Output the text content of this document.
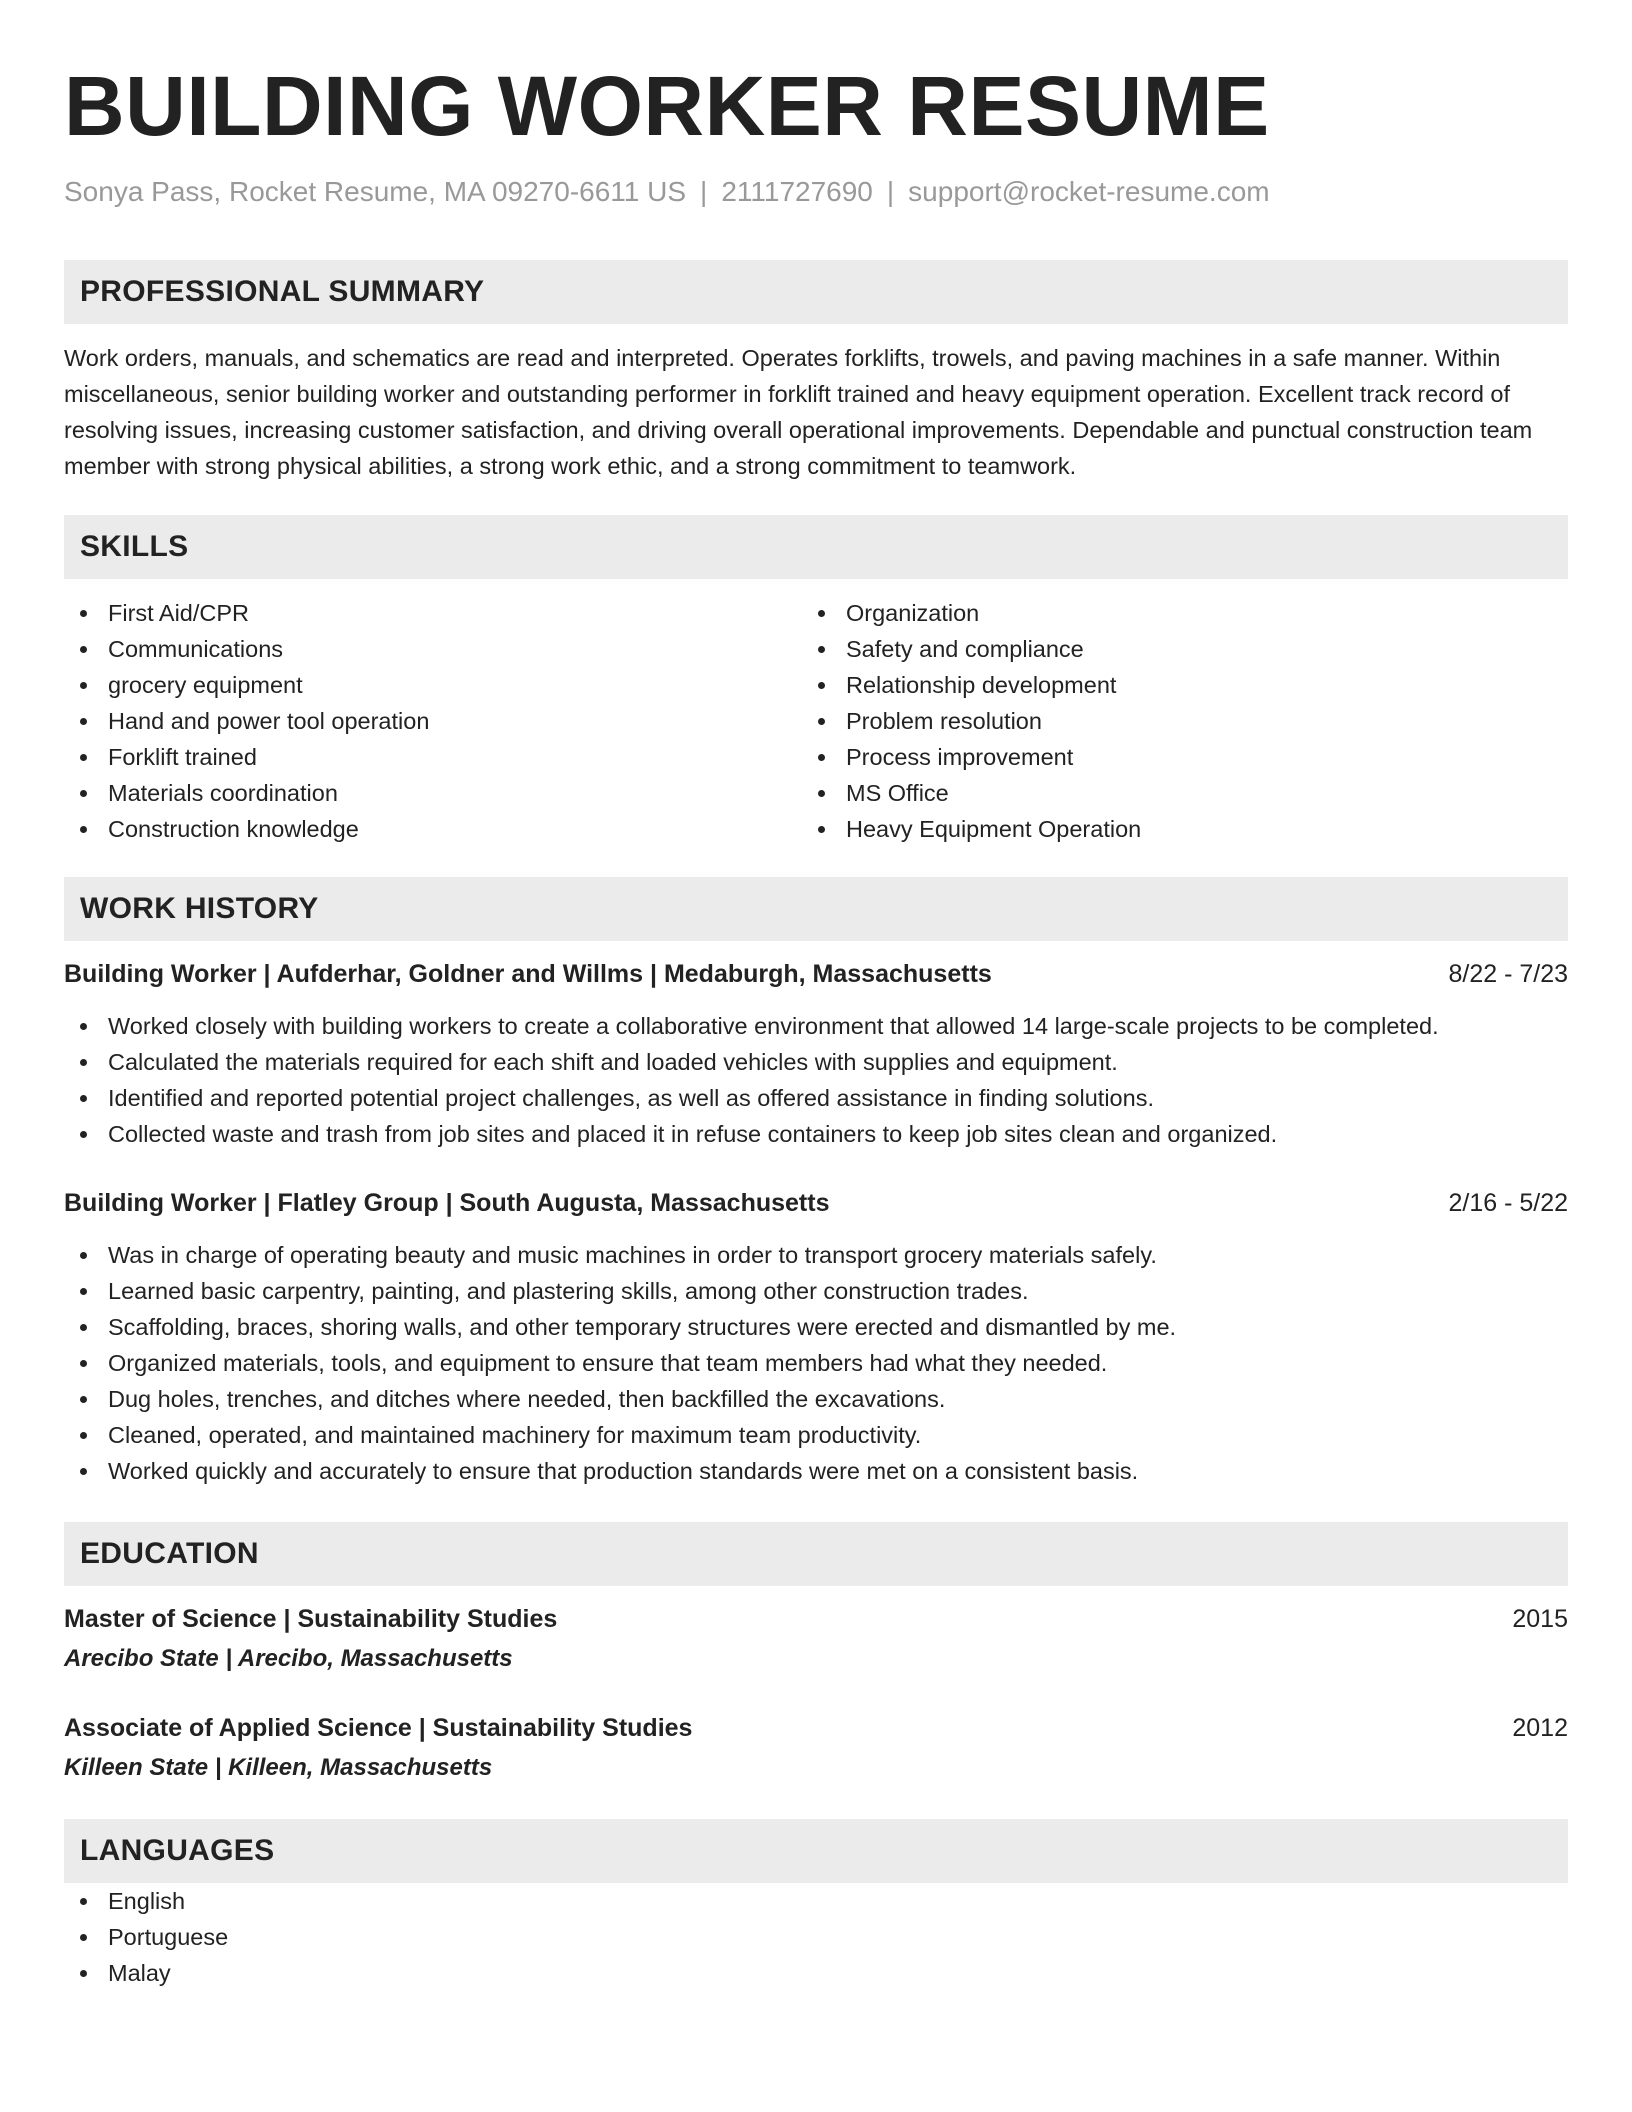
BUILDING WORKER RESUME
Sonya Pass, Rocket Resume, MA 09270-6611 US | 2111727690 | support@rocket-resume.com
PROFESSIONAL SUMMARY
Work orders, manuals, and schematics are read and interpreted. Operates forklifts, trowels, and paving machines in a safe manner. Within miscellaneous, senior building worker and outstanding performer in forklift trained and heavy equipment operation. Excellent track record of resolving issues, increasing customer satisfaction, and driving overall operational improvements. Dependable and punctual construction team member with strong physical abilities, a strong work ethic, and a strong commitment to teamwork.
SKILLS
First Aid/CPR
Communications
grocery equipment
Hand and power tool operation
Forklift trained
Materials coordination
Construction knowledge
Organization
Safety and compliance
Relationship development
Problem resolution
Process improvement
MS Office
Heavy Equipment Operation
WORK HISTORY
Building Worker | Aufderhar, Goldner and Willms | Medaburgh, Massachusetts	8/22 - 7/23
Worked closely with building workers to create a collaborative environment that allowed 14 large-scale projects to be completed.
Calculated the materials required for each shift and loaded vehicles with supplies and equipment.
Identified and reported potential project challenges, as well as offered assistance in finding solutions.
Collected waste and trash from job sites and placed it in refuse containers to keep job sites clean and organized.
Building Worker | Flatley Group | South Augusta, Massachusetts	2/16 - 5/22
Was in charge of operating beauty and music machines in order to transport grocery materials safely.
Learned basic carpentry, painting, and plastering skills, among other construction trades.
Scaffolding, braces, shoring walls, and other temporary structures were erected and dismantled by me.
Organized materials, tools, and equipment to ensure that team members had what they needed.
Dug holes, trenches, and ditches where needed, then backfilled the excavations.
Cleaned, operated, and maintained machinery for maximum team productivity.
Worked quickly and accurately to ensure that production standards were met on a consistent basis.
EDUCATION
Master of Science | Sustainability Studies	2015
Arecibo State | Arecibo, Massachusetts
Associate of Applied Science | Sustainability Studies	2012
Killeen State | Killeen, Massachusetts
LANGUAGES
English
Portuguese
Malay
